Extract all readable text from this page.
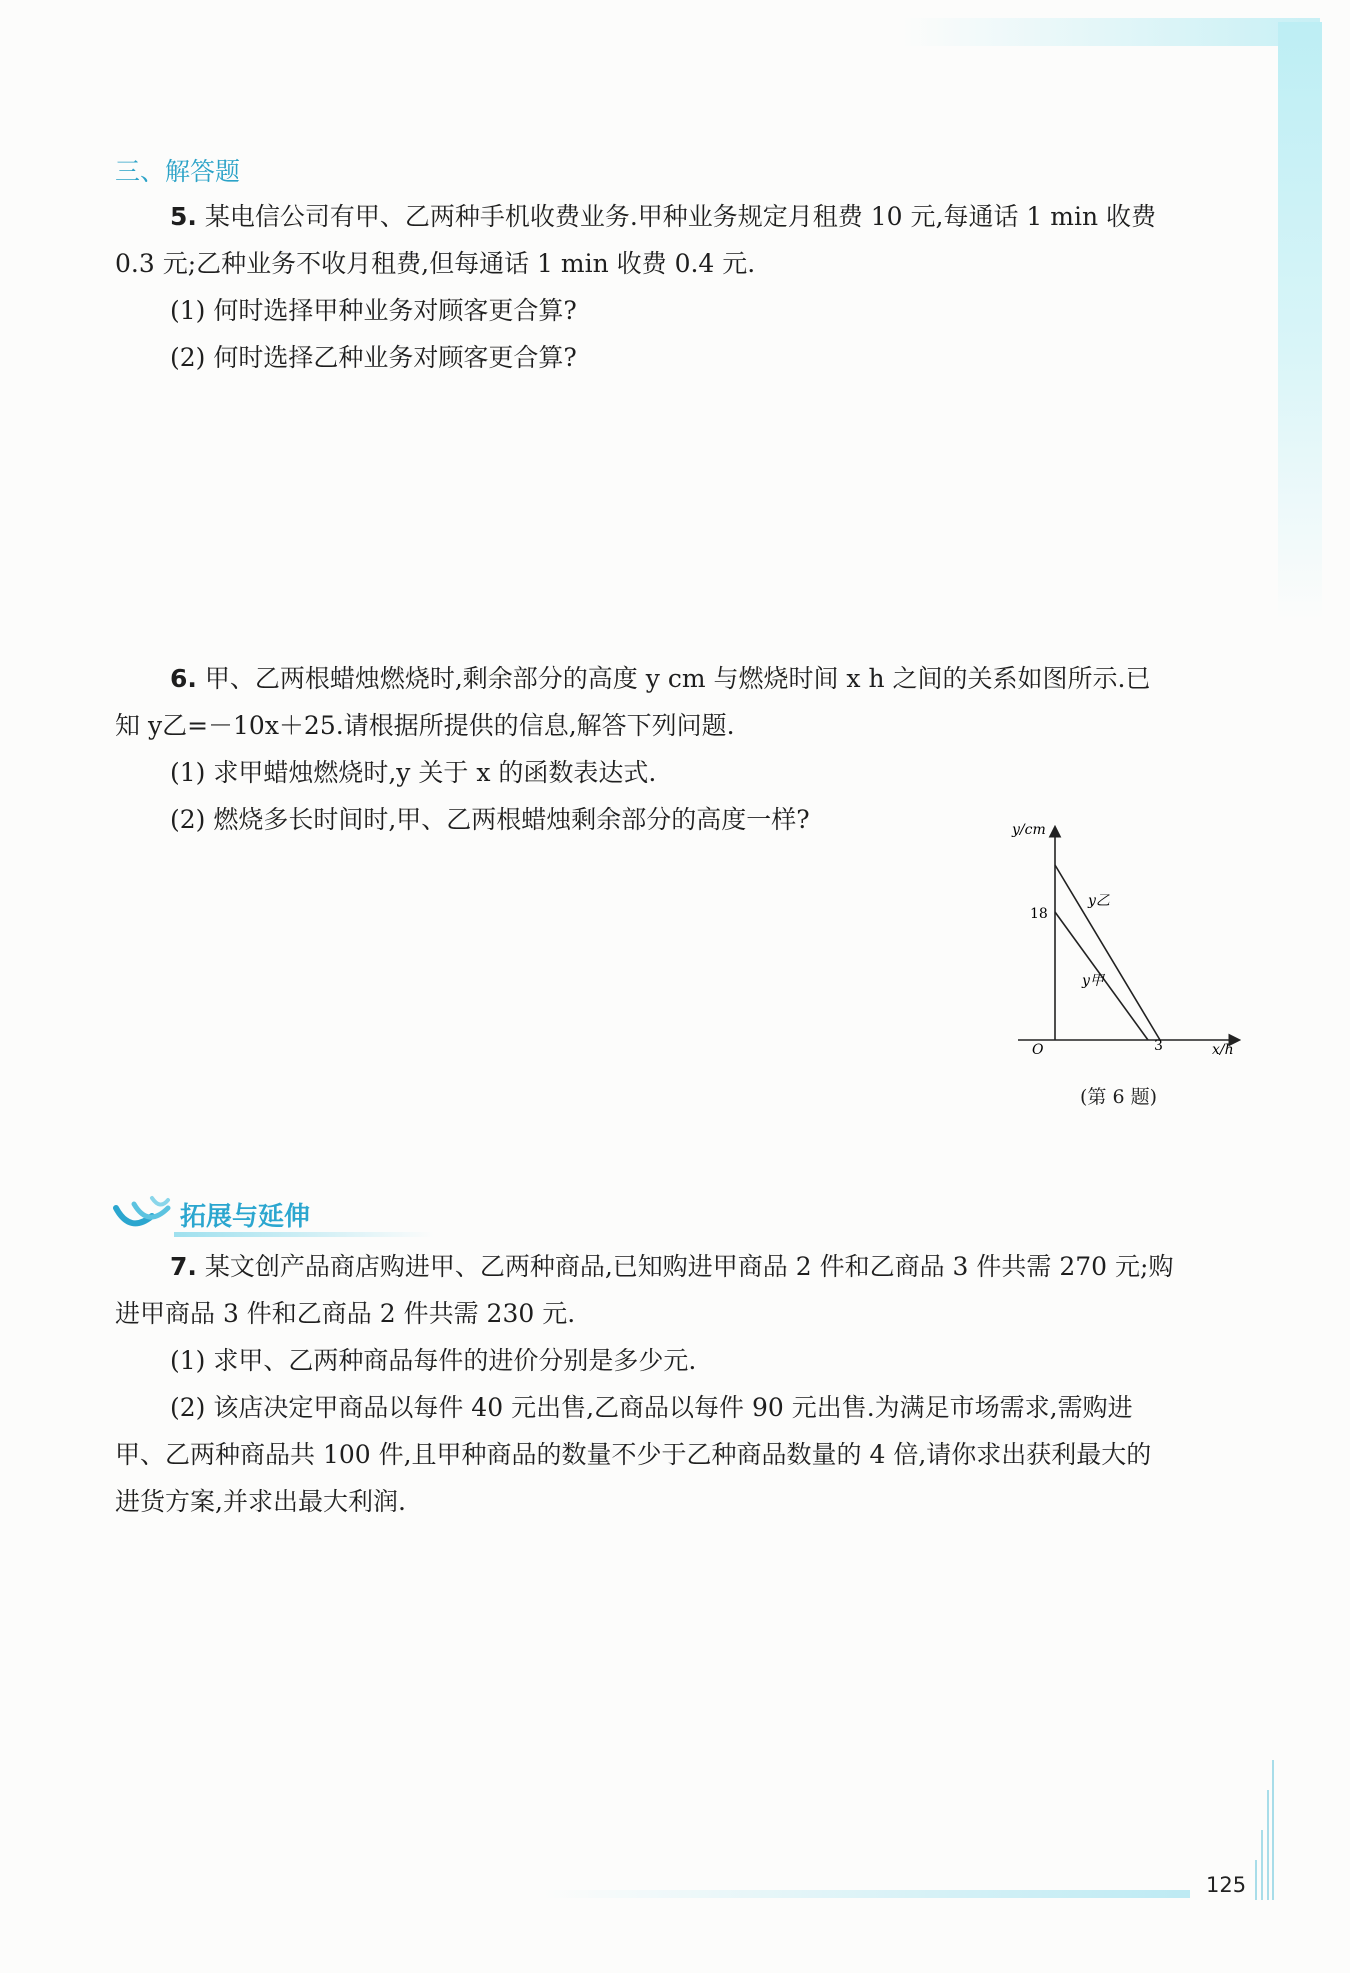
三、解答题
5. 某电信公司有甲、乙两种手机收费业务.甲种业务规定月租费 10 元,每通话 1 min 收费
0.3 元;乙种业务不收月租费,但每通话 1 min 收费 0.4 元.
(1) 何时选择甲种业务对顾客更合算?
(2) 何时选择乙种业务对顾客更合算?
6. 甲、乙两根蜡烛燃烧时,剩余部分的高度 y cm 与燃烧时间 x h 之间的关系如图所示.已
知 y乙=－10x＋25.请根据所提供的信息,解答下列问题.
(1) 求甲蜡烛燃烧时,y 关于 x 的函数表达式.
(2) 燃烧多长时间时,甲、乙两根蜡烛剩余部分的高度一样?	y/cm
x/h
O
18
3
y乙
y甲
(第 6 题)
拓展与延伸
7. 某文创产品商店购进甲、乙两种商品,已知购进甲商品 2 件和乙商品 3 件共需 270 元;购
进甲商品 3 件和乙商品 2 件共需 230 元.
(1) 求甲、乙两种商品每件的进价分别是多少元.
(2) 该店决定甲商品以每件 40 元出售,乙商品以每件 90 元出售.为满足市场需求,需购进
甲、乙两种商品共 100 件,且甲种商品的数量不少于乙种商品数量的 4 倍,请你求出获利最大的
进货方案,并求出最大利润.
125
